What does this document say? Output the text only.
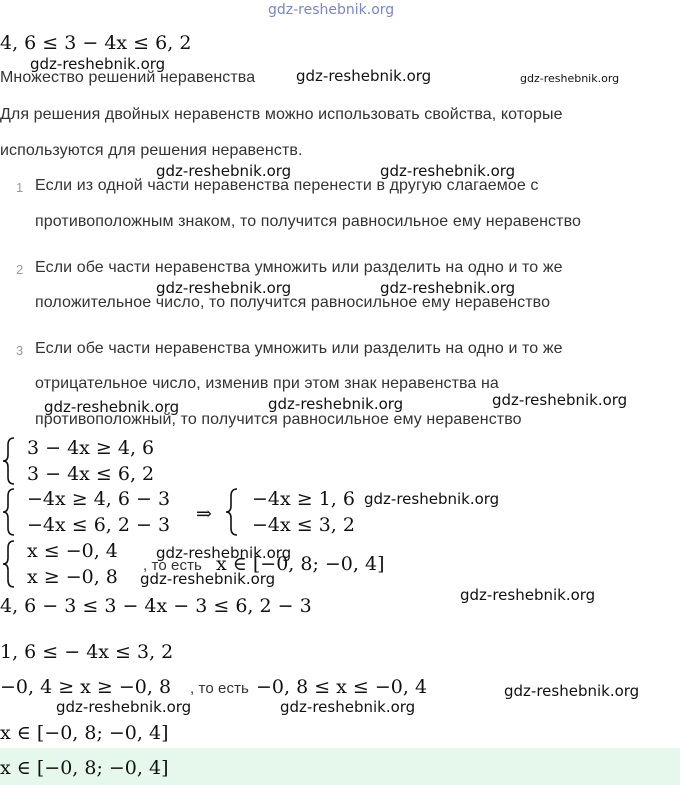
gdz-reshebnik.org
4, 6 ≤ 3 − 4x ≤ 6, 2
gdz-reshebnik.org
Множество решений неравенства	gdz-reshebnik.org	gdz-reshebnik.org
Для решения двойных неравенств можно использовать свойства, которые
используются для решения неравенств.
gdz-reshebnik.org	gdz-reshebnik.org
1 Если из одной части неравенства перенести в другую слагаемое с
противоположным знаком, то получится равносильное ему неравенство
2 Если обе части неравенства умножить или разделить на одно и то же
gdz-reshebnik.org	gdz-reshebnik.org
положительное число, то получится равносильное ему неравенство
3 Если обе части неравенства умножить или разделить на одно и то же
отрицательное число, изменив при этом знак неравенства на
gdz-reshebnik.org	gdz-reshebnik.org	gdz-reshebnik.org
противоположный, то получится равносильное ему неравенство
3 − 4x ≥ 4, 6
3 − 4x ≤ 6, 2
−4x ≥ 4, 6 − 3
−4x ≤ 6, 2 − 3 ⇒
−4x ≥ 1, 6
−4x ≤ 3, 2
gdz-reshebnik.org
x ≤ −0, 4
x ≥ −0, 8
gdz-reshebnik.org
, то есть x ∈ [−0, 8; −0, 4]
gdz-reshebnik.org
4, 6 − 3 ≤ 3 − 4x − 3 ≤ 6, 2 − 3	gdz-reshebnik.org
1, 6 ≤ − 4x ≤ 3, 2
−0, 4 ≥ x ≥ −0, 8 , то есть −0, 8 ≤ x ≤ −0, 4	gdz-reshebnik.org
gdz-reshebnik.org	gdz-reshebnik.org
x ∈ [−0, 8; −0, 4]
x ∈ [−0, 8; −0, 4]
